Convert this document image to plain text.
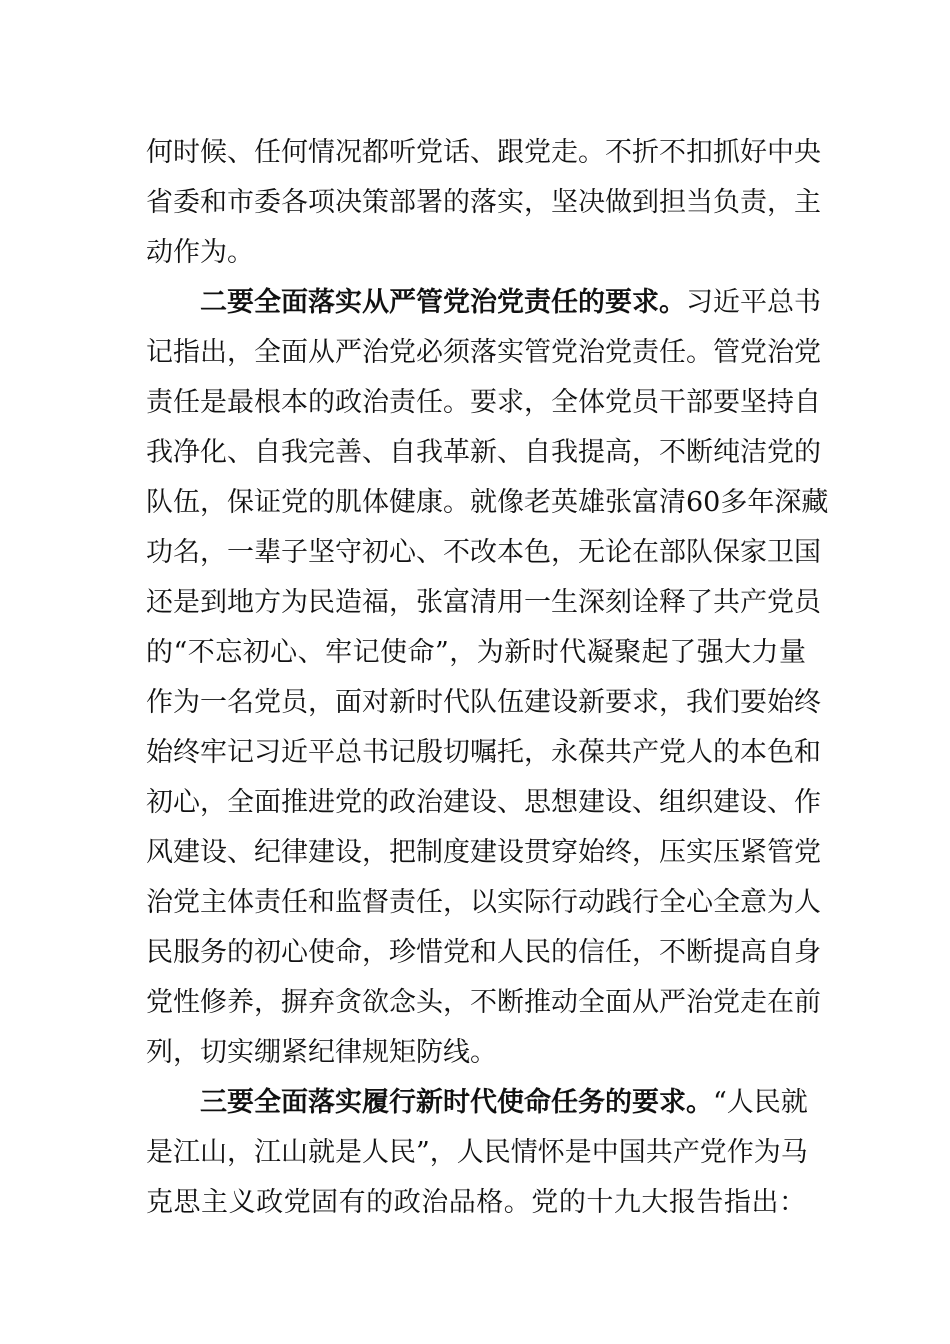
何时候、任何情况都听党话、跟党走。不折不扣抓好中央
省委和市委各项决策部署的落实，坚决做到担当负责，主
动作为。
二要全面落实从严管党治党责任的要求。习近平总书
记指出，全面从严治党必须落实管党治党责任。管党治党
责任是最根本的政治责任。要求，全体党员干部要坚持自
我净化、自我完善、自我革新、自我提高，不断纯洁党的
队伍，保证党的肌体健康。就像老英雄张富清60多年深藏
功名，一辈子坚守初心、不改本色，无论在部队保家卫国
还是到地方为民造福，张富清用一生深刻诠释了共产党员
的“不忘初心、牢记使命”，为新时代凝聚起了强大力量
作为一名党员，面对新时代队伍建设新要求，我们要始终
始终牢记习近平总书记殷切嘱托，永葆共产党人的本色和
初心，全面推进党的政治建设、思想建设、组织建设、作
风建设、纪律建设，把制度建设贯穿始终，压实压紧管党
治党主体责任和监督责任，以实际行动践行全心全意为人
民服务的初心使命，珍惜党和人民的信任，不断提高自身
党性修养，摒弃贪欲念头，不断推动全面从严治党走在前
列，切实绷紧纪律规矩防线。
三要全面落实履行新时代使命任务的要求。“人民就
是江山，江山就是人民”，人民情怀是中国共产党作为马
克思主义政党固有的政治品格。党的十九大报告指出：
